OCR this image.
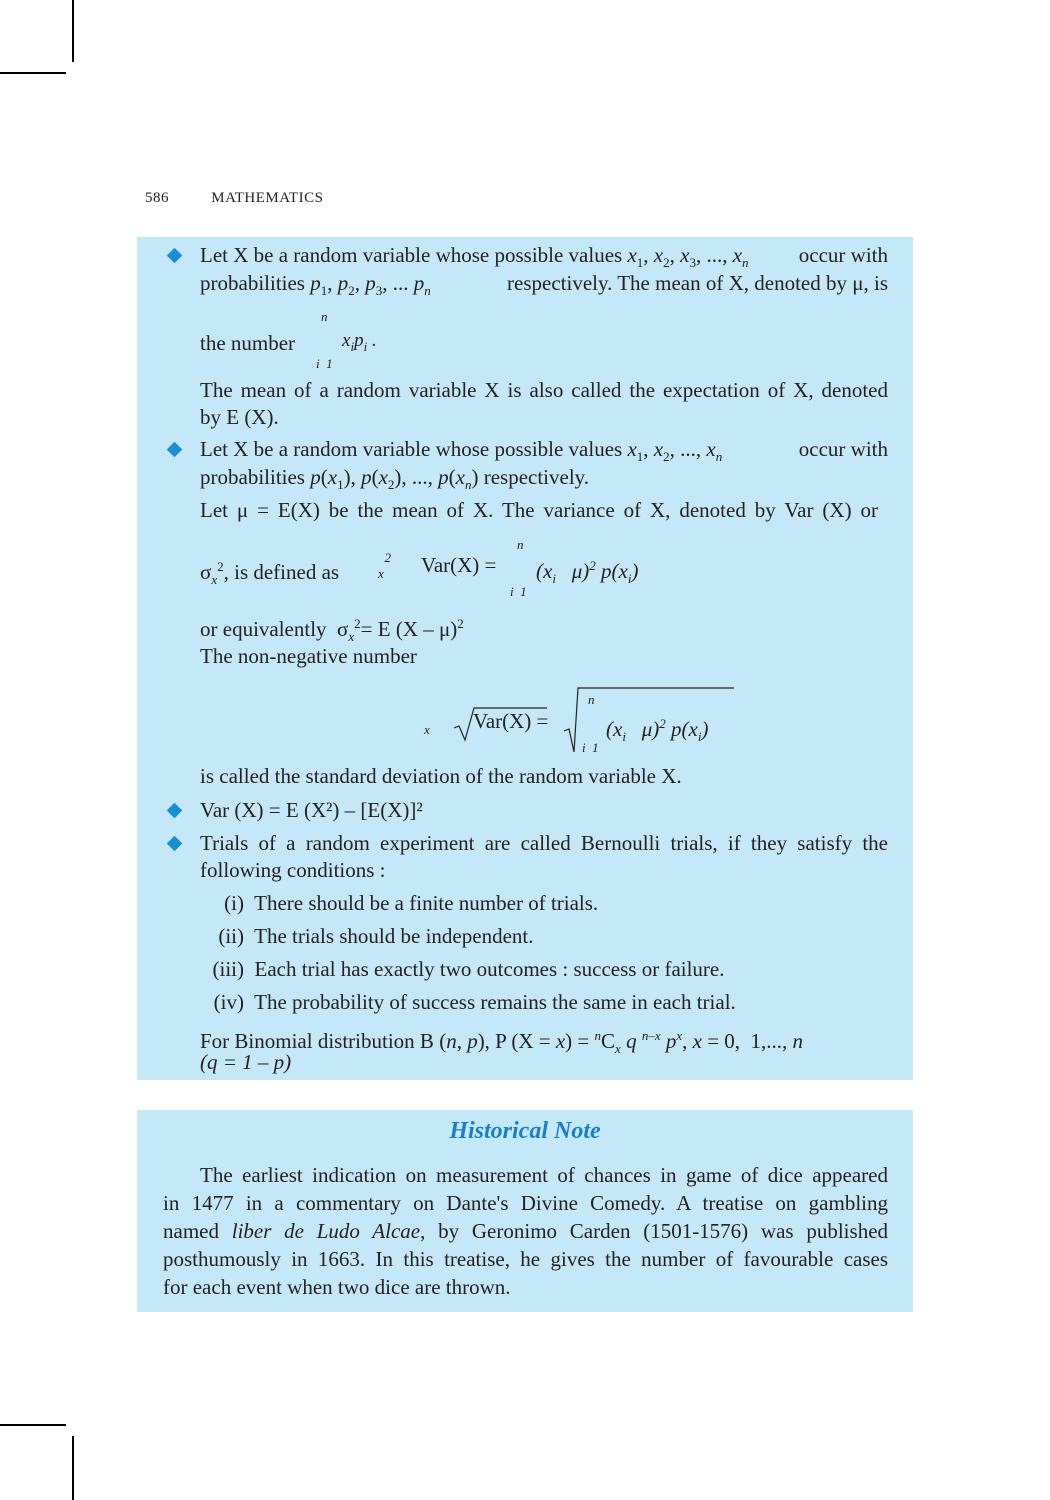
586	MATHEMATICS
Let X be a random variable whose possible values $x_1$, $x_2$, $x_3$, ..., $x_n$ occur with
probabilities $p_1$, $p_2$, $p_3$, ... $p_n$	respectively. The mean of X, denoted by μ, is
n
the number $x_ip_i$ .
i  1
The mean of a random variable X is also called the expectation of X, denoted
by E (X).
Let X be a random variable whose possible values $x_1$, $x_2$, ..., $x_n$	occur with
probabilities $p(x_1)$, $p(x_2)$, ..., $p(x_n)$ respectively.
Let μ = E(X) be the mean of X. The variance of X, denoted by Var (X) or
n
$\sigma_x^2$, is defined as
2
x	$Var(X) = (x_i$   μ)$^2$ $p(x_i)$
i  1
or equivalently  $\sigma_x^2= E$ (X – μ)$^2$
The non-negative number
x Var(X) =
n
($x_i$   μ)$^2$ $p(x_i)$
i  1
is called the standard deviation of the random variable X.
Var (X) = E (X²) – [E(X)]²
Trials of a random experiment are called Bernoulli trials, if they satisfy the
following conditions :
(i) There should be a finite number of trials.
(ii) The trials should be independent.
(iii) Each trial has exactly two outcomes : success or failure.
(iv) The probability of success remains the same in each trial.
For Binomial distribution B (n, p), P $(X = x) = ^nC_x$ q $^{n-x}$ $p^x$, x = 0,  1,..., n
(q = 1 – p)
Historical Note
The earliest indication on measurement of chances in game of dice appeared
in 1477 in a commentary on Dante's Divine Comedy. A treatise on gambling
named liber de Ludo Alcae, by Geronimo Carden (1501-1576) was published
posthumously in 1663. In this treatise, he gives the number of favourable cases
for each event when two dice are thrown.
